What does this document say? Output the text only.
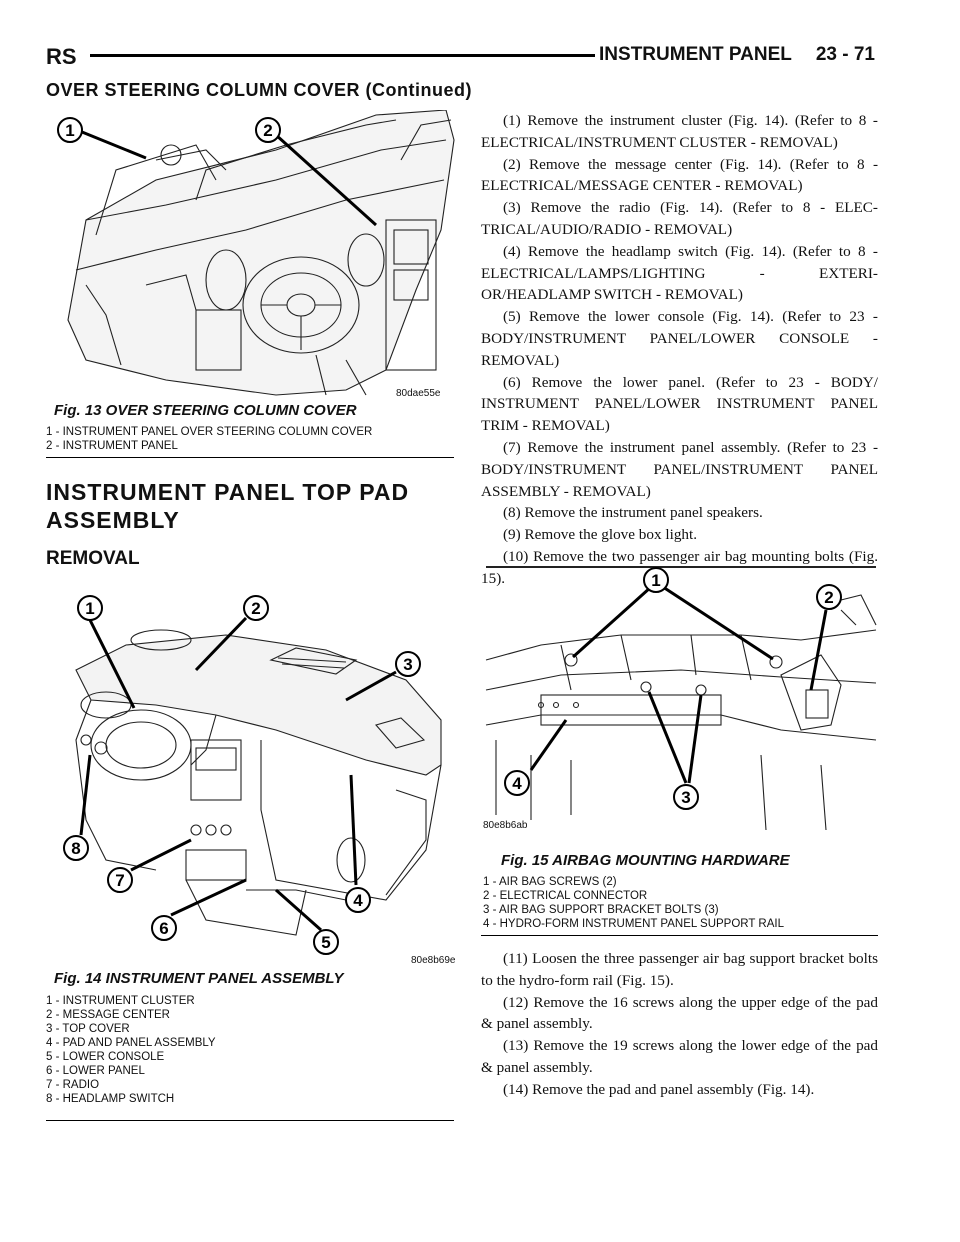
RS	INSTRUMENT PANEL 23 - 71
OVER STEERING COLUMN COVER (Continued)
1	2
80dae55e
Fig. 13 OVER STEERING COLUMN COVER
1 - INSTRUMENT PANEL OVER STEERING COLUMN COVER
2 - INSTRUMENT PANEL
INSTRUMENT PANEL TOP PAD ASSEMBLY
REMOVAL
1	2
3
4
5
6
7
8
80e8b69e
Fig. 14 INSTRUMENT PANEL ASSEMBLY
1 - INSTRUMENT CLUSTER
2 - MESSAGE CENTER
3 - TOP COVER
4 - PAD AND PANEL ASSEMBLY
5 - LOWER CONSOLE
6 - LOWER PANEL
7 - RADIO
8 - HEADLAMP SWITCH

(1) Remove the instrument cluster (Fig. 14). (Refer to 8 - ELECTRICAL/INSTRUMENT CLUSTER - REMOVAL)

(2) Remove the message center (Fig. 14). (Refer to 8 - ELECTRICAL/MESSAGE CENTER - REMOVAL)

(3) Remove the radio (Fig. 14). (Refer to 8 - ELEC-TRICAL/AUDIO/RADIO - REMOVAL)

(4) Remove the headlamp switch (Fig. 14). (Refer to 8 - ELECTRICAL/LAMPS/LIGHTING - EXTERI-OR/HEADLAMP SWITCH - REMOVAL)

(5) Remove the lower console (Fig. 14). (Refer to 23 - BODY/INSTRUMENT PANEL/LOWER CONSOLE - REMOVAL)

(6) Remove the lower panel. (Refer to 23 - BODY/ INSTRUMENT PANEL/LOWER INSTRUMENT PANEL TRIM - REMOVAL)

(7) Remove the instrument panel assembly. (Refer to 23 - BODY/INSTRUMENT PANEL/INSTRUMENT PANEL ASSEMBLY - REMOVAL)

(8) Remove the instrument panel speakers.

(9) Remove the glove box light.

(10) Remove the two passenger air bag mounting bolts (Fig. 15).	1
2
3
4
80e8b6ab
Fig. 15 AIRBAG MOUNTING HARDWARE
1 - AIR BAG SCREWS (2)
2 - ELECTRICAL CONNECTOR
3 - AIR BAG SUPPORT BRACKET BOLTS (3)
4 - HYDRO-FORM INSTRUMENT PANEL SUPPORT RAIL

(11) Loosen the three passenger air bag support bracket bolts to the hydro-form rail (Fig. 15).

(12) Remove the 16 screws along the upper edge of the pad & panel assembly.

(13) Remove the 19 screws along the lower edge of the pad & panel assembly.

(14) Remove the pad and panel assembly (Fig. 14).
